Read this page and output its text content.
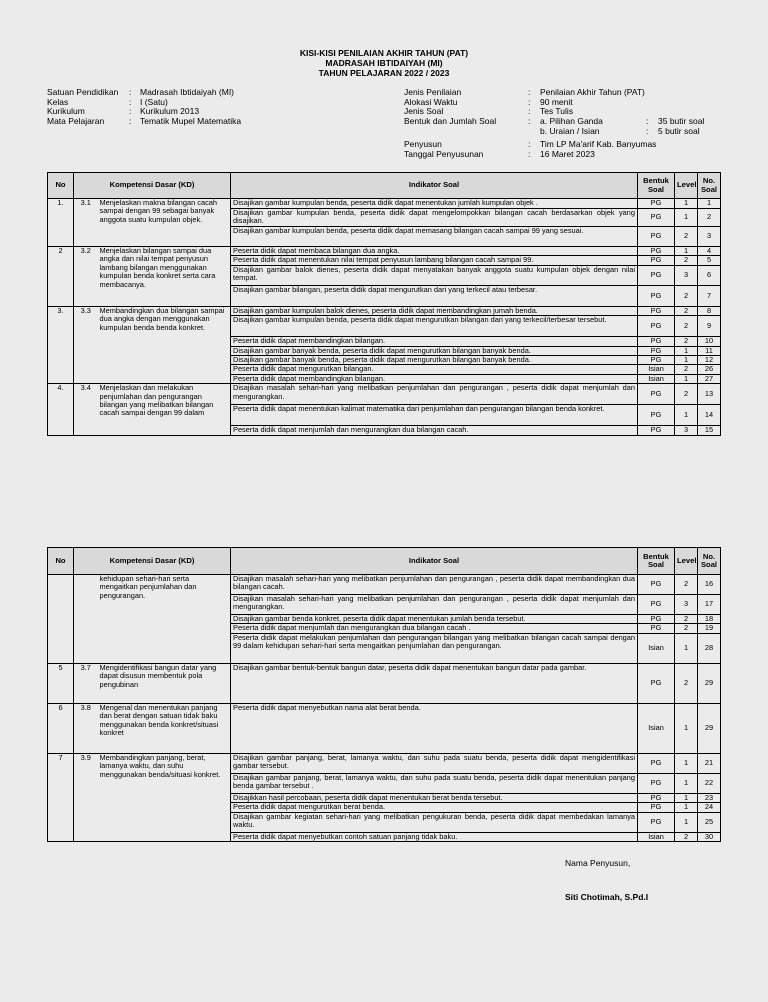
KISI-KISI PENILAIAN AKHIR TAHUN (PAT)
MADRASAH IBTIDAIYAH (MI)
TAHUN PELAJARAN 2022 / 2023
Satuan Pendidikan : Madrasah Ibtidaiyah (MI)
Kelas	: I (Satu)
Kurikulum	: Kurikulum 2013
Mata Pelajaran	: Tematik Mupel Matematika
Jenis Penilaian	: Penilaian Akhir Tahun (PAT)
Alokasi Waktu	: 90 menit
Jenis Soal	: Tes Tulis
Bentuk dan Jumlah Soal	: a. Pilihan Ganda	: 35 butir soal
b. Uraian / Isian	: 5 butir soal
Penyusun	: Tim LP Ma'arif Kab. Banyumas
Tanggal Penyusunan	: 16 Maret 2023
No	Kompetensi Dasar (KD)		Indikator Soal	Bentuk Soal	Level	No. Soal
1.	3.1	Menjelaskan makna bilangan cacah sampai dengan 99 sebagai banyak anggota suatu kumpulan objek.	Disajikan gambar kumpulan benda, peserta didik dapat menentukan jumlah kumpulan objek .	PG	1	1
			Disajikan gambar kumpulan benda, peserta didik dapat mengelompokkan bilangan cacah berdasarkan objek yang disajikan.	PG	1	2
			Disajikan gambar kumpulan benda, peserta didik dapat memasang bilangan cacah sampai 99 yang sesuai.	PG	2	3
2	3.2	Menjelaskan bilangan sampai dua angka dan nilai tempat penyusun lambang bilangan menggunakan kumpulan benda konkret serta cara membacanya.	Peserta didik dapat membaca bilangan dua angka.	PG	1	4
			Peserta didik dapat menentukan nilai tempat penyusun lambang bilangan cacah sampai 99.	PG	2	5
			Disajikan gambar balok dienes, peserta didik dapat menyatakan banyak anggota suatu kumpulan objek dengan nilai tempat.	PG	3	6
			Disajikan gambar bilangan, peserta didik dapat mengurutkan dari yang terkecil atau terbesar.	PG	2	7
3.	3.3	Membandingkan dua bilangan sampai dua angka dengan menggunakan kumpulan benda benda konkret.	Disajikan gambar kumpulan balok dienes, peserta didik dapat membandingkan jumah benda.	PG	2	8
			Disajikan gambar kumpulan benda, peserta didik dapat mengurutkan bilangan dari yang terkecil/terbesar tersebut.	PG	2	9
			Peserta didik dapat membandingkan bilangan.	PG	2	10
			Disajikan gambar banyak benda, peserta didik dapat mengurutkan bilangan banyak benda.	PG	1	11
			Disajikan gambar banyak benda, peserta didik dapat mengurutkan bilangan banyak benda.	PG	1	12
			Peserta didik dapat mengurutkan bilangan.	Isian	2	26
			Peserta didik dapat membandingkan bilangan.	Isian	1	27
4.	3.4	Menjelaskan dan melakukan penjumlahan dan pengurangan bilangan yang melibatkan bilangan cacah sampai dengan 99 dalam	Disajikan masalah sehari-hari yang melibatkan penjumlahan dan pengurangan , peserta didik dapat menjumlah dan mengurangkan.	PG	2	13
			Peserta didik dapat menentukan kalimat matematika dari penjumlahan dan pengurangan bilangan benda konkret.	PG	1	14
			Peserta didik dapat menjumlah dan mengurangkan dua bilangan cacah.	PG	3	15
No	Kompetensi Dasar (KD)		Indikator Soal	Bentuk Soal	Level	No. Soal
		kehidupan sehari-hari serta mengaitkan penjumlahan dan pengurangan.	Disajikan masalah sehari-hari yang melibatkan penjumlahan dan pengurangan , peserta didik dapat membandingkan dua bilangan cacah.	PG	2	16
			Disajikan masalah sehari-hari yang melibatkan penjumlahan dan pengurangan , peserta didik dapat menjumlah dan mengurangkan.	PG	3	17
			Disajikan gambar benda konkret, peserta didik dapat menentukan jumlah benda tersebut.	PG	2	18
			Peserta didik dapat menjumlah dan mengurangkan dua bilangan cacah .	PG	2	19
			Peserta didik dapat melakukan penjumlahan dan pengurangan bilangan yang melibatkan bilangan cacah sampai dengan 99 dalam kehidupan sehari-hari serta mengaitkan penjumlahan dan pengurangan.	Isian	1	28
5	3.7	Mengidentifikasi bangun datar yang dapat disusun membentuk pola pengubinan	Disajikan gambar bentuk-bentuk bangun datar, peserta didik dapat menentukan bangun datar pada gambar.	PG	2	29
6	3.8	Mengenal dan menentukan panjang dan berat dengan satuan tidak baku menggunakan benda konkret/situasi konkret	Peserta didik dapat menyebutkan nama alat berat benda.	Isian	1	29
7	3.9	Membandingkan panjang, berat, lamanya waktu, dan suhu menggunakan benda/situasi konkret.	Disajikan gambar panjang, berat, lamanya waktu, dan suhu pada suatu benda, peserta didik dapat mengidentifikasi gambar tersebut.	PG	1	21
			Disajikan gambar panjang, berat, lamanya waktu, dan suhu pada suatu benda, peserta didik dapat menentukan panjang benda gambar tersebut .	PG	1	22
			Disajikkan hasil percobaan, peserta didik dapat menentukan berat benda tersebut.	PG	1	23
			Peserta didik dapat mengurutkan berat benda.	PG	1	24
			Disajikan gambar kegiatan sehari-hari yang melibatkan pengukuran benda, peserta didik dapat membedakan lamanya waktu.	PG	1	25
			Peserta didik dapat menyebutkan contoh satuan panjang tidak baku.	Isian	2	30
Nama Penyusun,
Siti Chotimah, S.Pd.I
